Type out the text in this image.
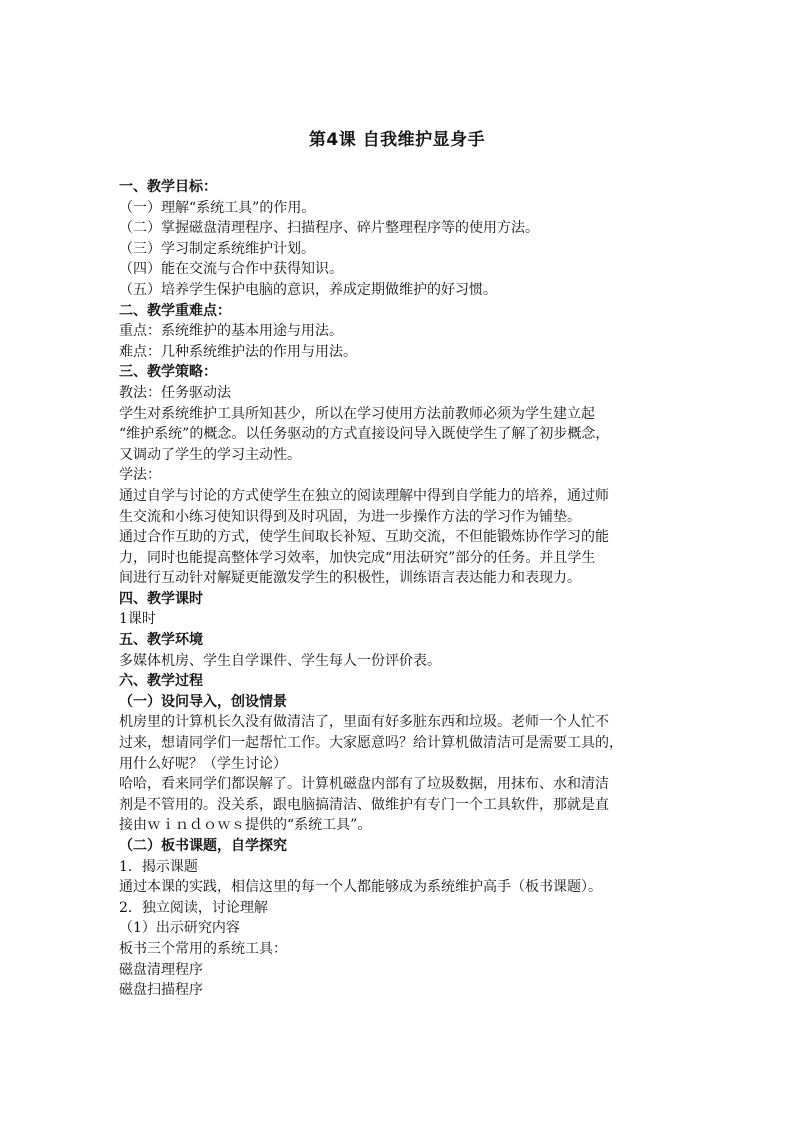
第4课 自我维护显身手
一、教学目标：
（一）理解“系统工具”的作用。
（二）掌握磁盘清理程序、扫描程序、碎片整理程序等的使用方法。
（三）学习制定系统维护计划。
（四）能在交流与合作中获得知识。
（五）培养学生保护电脑的意识，养成定期做维护的好习惯。
二、教学重难点：
重点：系统维护的基本用途与用法。
难点：几种系统维护法的作用与用法。
三、教学策略：
教法：任务驱动法
学生对系统维护工具所知甚少，所以在学习使用方法前教师必须为学生建立起
“维护系统”的概念。以任务驱动的方式直接设问导入既使学生了解了初步概念，
又调动了学生的学习主动性。
学法：
通过自学与讨论的方式使学生在独立的阅读理解中得到自学能力的培养，通过师
生交流和小练习使知识得到及时巩固，为进一步操作方法的学习作为铺垫。
通过合作互助的方式，使学生间取长补短、互助交流，不但能锻炼协作学习的能
力，同时也能提高整体学习效率，加快完成“用法研究”部分的任务。并且学生
间进行互动针对解疑更能激发学生的积极性，训练语言表达能力和表现力。
四、教学课时
1课时
五、教学环境
多媒体机房、学生自学课件、学生每人一份评价表。
六、教学过程
（一）设问导入，创设情景
机房里的计算机长久没有做清洁了，里面有好多脏东西和垃圾。老师一个人忙不
过来，想请同学们一起帮忙工作。大家愿意吗？给计算机做清洁可是需要工具的，
用什么好呢？（学生讨论）
哈哈，看来同学们都误解了。计算机磁盘内部有了垃圾数据，用抹布、水和清洁
剂是不管用的。没关系，跟电脑搞清洁、做维护有专门一个工具软件，那就是直
接由ｗｉｎｄｏｗｓ提供的“系统工具”。
（二）板书课题，自学探究
1．揭示课题
通过本课的实践，相信这里的每一个人都能够成为系统维护高手（板书课题）。
2．独立阅读，讨论理解
（1）出示研究内容
板书三个常用的系统工具：
磁盘清理程序
磁盘扫描程序
